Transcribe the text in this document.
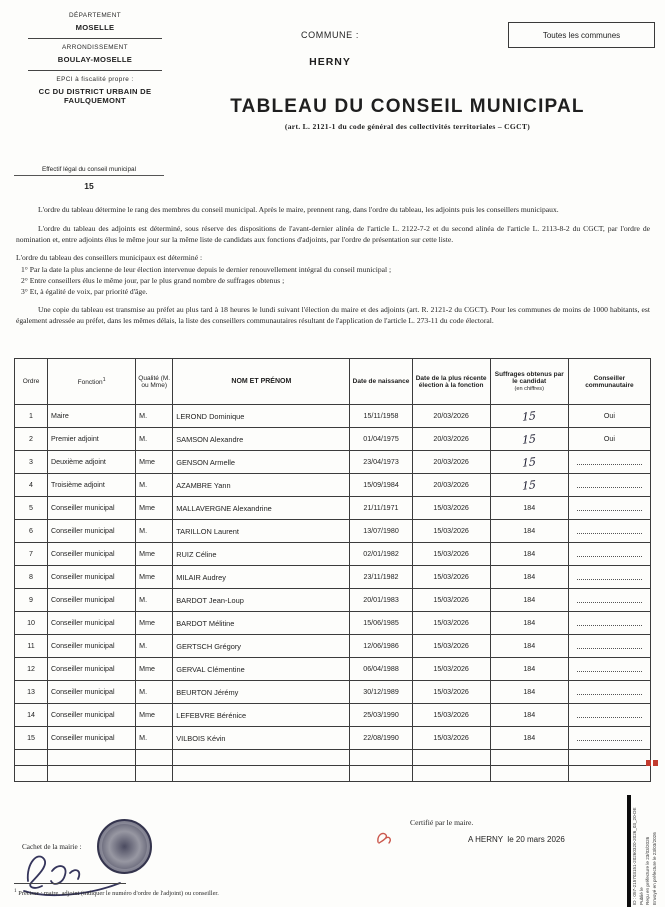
DÉPARTEMENT
MOSELLE
ARRONDISSEMENT
BOULAY-MOSELLE
EPCI à fiscalité propre :
CC DU DISTRICT URBAIN DE FAULQUEMONT
Effectif légal du conseil municipal
15
COMMUNE :
HERNY
TABLEAU DU CONSEIL MUNICIPAL
(art. L. 2121-1 du code général des collectivités territoriales – CGCT)
Toutes les communes

L'ordre du tableau détermine le rang des membres du conseil municipal. Après le maire, prennent rang, dans l'ordre du tableau, les adjoints puis les conseillers municipaux.

L'ordre du tableau des adjoints est déterminé, sous réserve des dispositions de l'avant-dernier alinéa de l'article L. 2122-7-2 et du second alinéa de l'article L. 2113-8-2 du CGCT, par l'ordre de nomination et, entre adjoints élus le même jour sur la même liste de candidats aux fonctions d'adjoints, par l'ordre de présentation sur cette liste.

L'ordre du tableau des conseillers municipaux est déterminé :

1° Par la date la plus ancienne de leur élection intervenue depuis le dernier renouvellement intégral du conseil municipal ;
2° Entre conseillers élus le même jour, par le plus grand nombre de suffrages obtenus ;
3° Et, à égalité de voix, par priorité d'âge.

Une copie du tableau est transmise au préfet au plus tard à 18 heures le lundi suivant l'élection du maire et des adjoints (art. R. 2121-2 du CGCT). Pour les communes de moins de 1000 habitants, est également adressée au préfet, dans les mêmes délais, la liste des conseillers communautaires résultant de l'application de l'article L. 273-11 du code électoral.

Ordre	Fonction$^1$	Qualité (M. ou Mme)	NOM ET PRÉNOM	Date de naissance	Date de la plus récente élection à la fonction	Suffrages obtenus par le candidat
(en chiffres)	Conseiller communautaire
1	Maire	M.	LEROND Dominique	15/11/1958	20/03/2026	15	Oui
2	Premier adjoint	M.	SAMSON Alexandre	01/04/1975	20/03/2026	15	Oui
3	Deuxième adjoint	Mme	GENSON Armelle	23/04/1973	20/03/2026	15	
4	Troisième adjoint	M.	AZAMBRE Yann	15/09/1984	20/03/2026	15	
5	Conseiller municipal	Mme	MALLAVERGNE Alexandrine	21/11/1971	15/03/2026	184	
6	Conseiller municipal	M.	TARILLON Laurent	13/07/1980	15/03/2026	184	
7	Conseiller municipal	Mme	RUIZ Céline	02/01/1982	15/03/2026	184	
8	Conseiller municipal	Mme	MILAIR Audrey	23/11/1982	15/03/2026	184	
9	Conseiller municipal	M.	BARDOT Jean-Loup	20/01/1983	15/03/2026	184	
10	Conseiller municipal	Mme	BARDOT Mélitine	15/06/1985	15/03/2026	184	
11	Conseiller municipal	M.	GERTSCH Grégory	12/06/1986	15/03/2026	184	
12	Conseiller municipal	Mme	GERVAL Clémentine	06/04/1988	15/03/2026	184	
13	Conseiller municipal	M.	BEURTON Jérémy	30/12/1989	15/03/2026	184	
14	Conseiller municipal	Mme	LEFEBVRE Bérénice	25/03/1990	15/03/2026	184	
15	Conseiller municipal	M.	VILBOIS Kévin	22/08/1990	15/03/2026	184	

Cachet de la mairie :
Certifié par le maire.
A HERNY  le 20 mars 2026
$^1$ Préciser : maire, adjoint (indiquer le numéro d'ordre de l'adjoint) ou conseiller.	ID : 057-215703151-20260320-2026_03_20-DE Publié le Reçu en préfecture le 23/03/2026 Envoyé en préfecture le 23/03/2026
